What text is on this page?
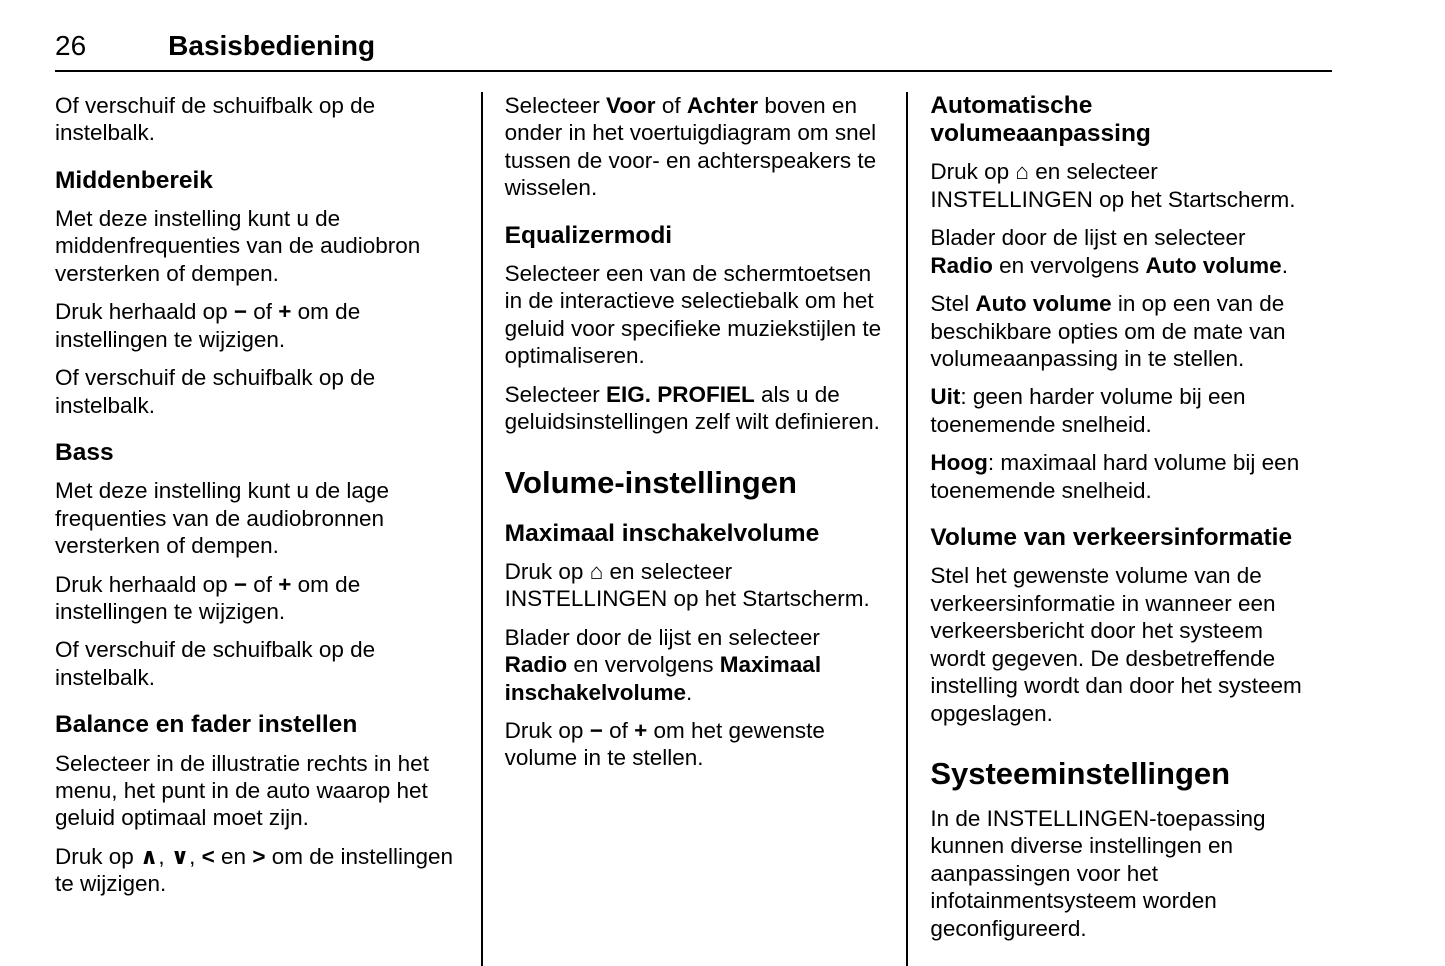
26	Basisbediening

Of verschuif de schuifbalk op de instelbalk.

Middenbereik

Met deze instelling kunt u de middenfrequenties van de audiobron versterken of dempen.

Druk herhaald op − of + om de instellingen te wijzigen.

Of verschuif de schuifbalk op de instelbalk.

Bass

Met deze instelling kunt u de lage frequenties van de audiobronnen versterken of dempen.

Druk herhaald op − of + om de instellingen te wijzigen.

Of verschuif de schuifbalk op de instelbalk.

Balance en fader instellen

Selecteer in de illustratie rechts in het menu, het punt in de auto waarop het geluid optimaal moet zijn.

Druk op ∧, ∨, < en > om de instellingen te wijzigen.

Selecteer Voor of Achter boven en onder in het voertuigdiagram om snel tussen de voor- en achterspeakers te wisselen.

Equalizermodi

Selecteer een van de schermtoetsen in de interactieve selectiebalk om het geluid voor specifieke muziekstijlen te optimaliseren.

Selecteer EIG. PROFIEL als u de geluidsinstellingen zelf wilt definieren.

Volume-instellingen
Maximaal inschakelvolume

Druk op ⌂ en selecteer INSTELLINGEN op het Startscherm.

Blader door de lijst en selecteer Radio en vervolgens Maximaal inschakelvolume.

Druk op − of + om het gewenste volume in te stellen.

Automatische volumeaanpassing

Druk op ⌂ en selecteer INSTELLINGEN op het Startscherm.

Blader door de lijst en selecteer Radio en vervolgens Auto volume.

Stel Auto volume in op een van de beschikbare opties om de mate van volumeaanpassing in te stellen.

Uit: geen harder volume bij een toenemende snelheid.

Hoog: maximaal hard volume bij een toenemende snelheid.

Volume van verkeersinformatie

Stel het gewenste volume van de verkeersinformatie in wanneer een verkeersbericht door het systeem wordt gegeven. De desbetreffende instelling wordt dan door het systeem opgeslagen.

Systeeminstellingen

In de INSTELLINGEN-toepassing kunnen diverse instellingen en aanpassingen voor het infotainmentsysteem worden geconfigureerd.
